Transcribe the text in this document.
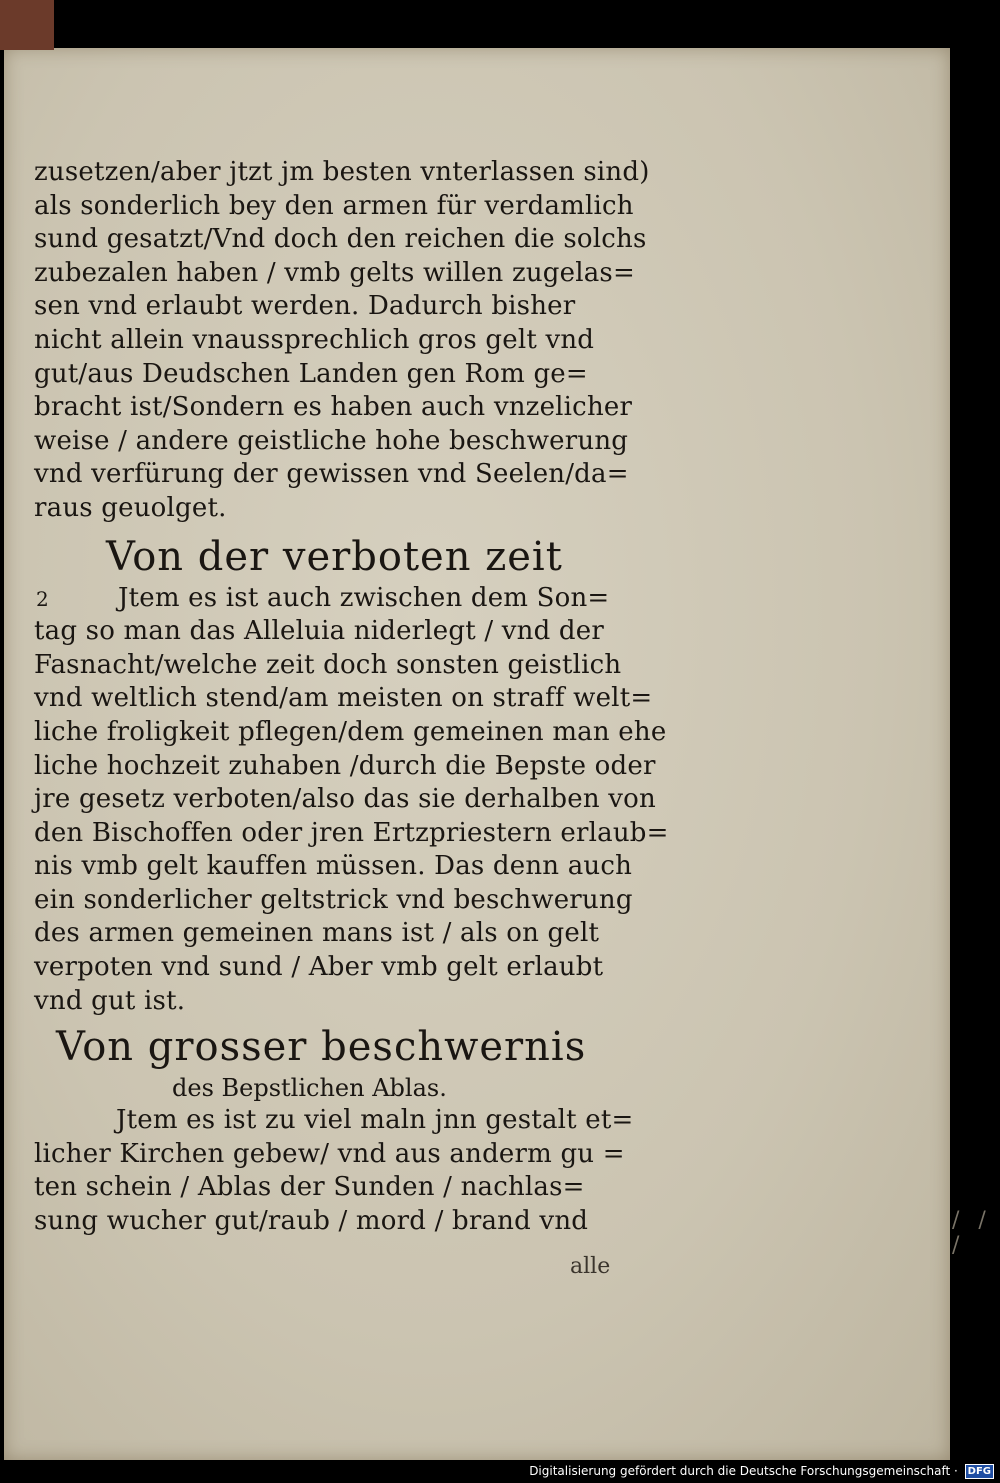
zusetzen/aber jtzt jm besten vnterlassen sind)
als sonderlich bey den armen für verdamlich
sund gesatzt/Vnd doch den reichen die solchs
zubezalen haben / vmb gelts willen zugelas=
sen vnd erlaubt werden. Dadurch bisher
nicht allein vnaussprechlich gros gelt vnd
gut/aus Deudschen Landen gen Rom ge=
bracht ist/Sondern es haben auch vnzelicher
weise / andere geistliche hohe beschwerung
vnd verfürung der gewissen vnd Seelen/da=
raus geuolget.
Von der verboten zeit
2	Jtem es ist auch zwischen dem Son=
tag so man das Alleluia niderlegt / vnd der
Fasnacht/welche zeit doch sonsten geistlich
vnd weltlich stend/am meisten on straff welt=
liche froligkeit pflegen/dem gemeinen man ehe
liche hochzeit zuhaben /durch die Bepste oder
jre gesetz verboten/also das sie derhalben von
den Bischoffen oder jren Ertzpriestern erlaub=
nis vmb gelt kauffen müssen. Das denn auch
ein sonderlicher geltstrick vnd beschwerung
des armen gemeinen mans ist / als on gelt
verpoten vnd sund / Aber vmb gelt erlaubt
vnd gut ist.
Von grosser beschwernis
des Bepstlichen Ablas.
Jtem es ist zu viel maln jnn gestalt et=
licher Kirchen gebew/ vnd aus anderm gu =
ten schein / Ablas der Sunden / nachlas=
sung wucher gut/raub / mord / brand vnd
alle
/ / /
Digitalisierung gefördert durch die Deutsche Forschungsgemeinschaft · DFG
